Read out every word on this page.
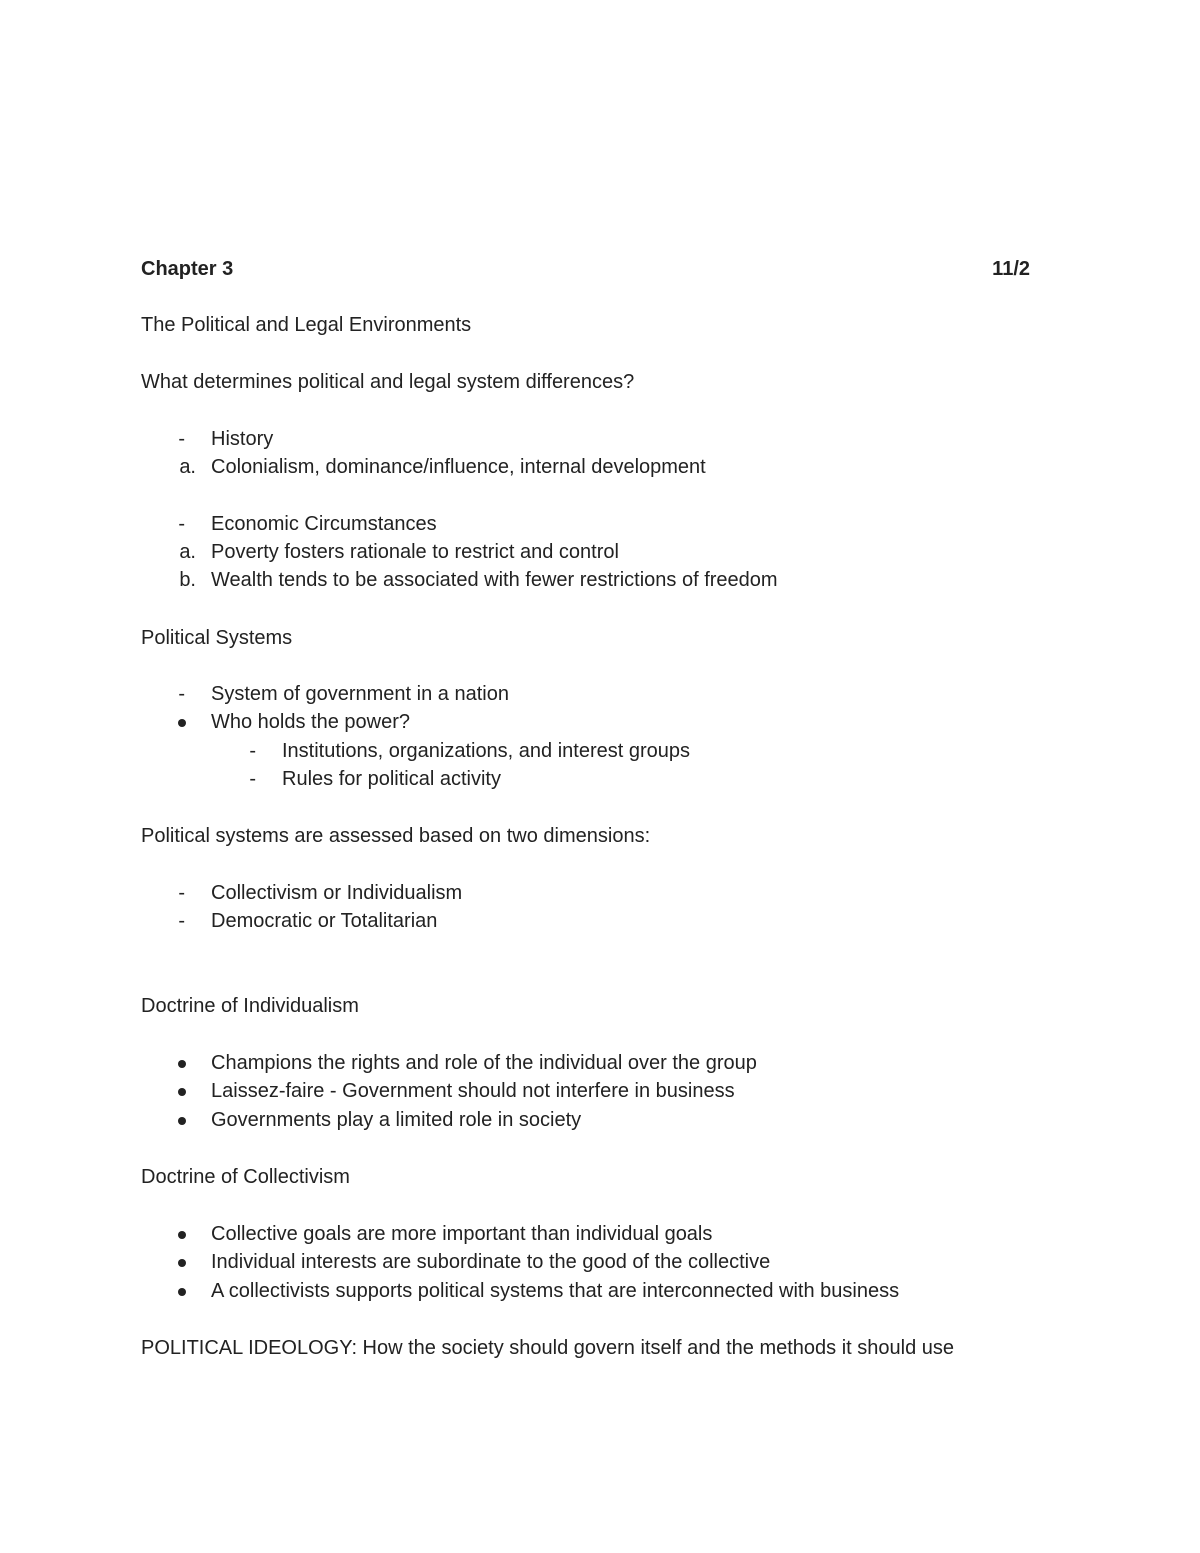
Chapter 3	11/2
The Political and Legal Environments
What determines political and legal system differences?
- History
a. Colonialism, dominance/influence, internal development
- Economic Circumstances
a. Poverty fosters rationale to restrict and control
b. Wealth tends to be associated with fewer restrictions of freedom
Political Systems
- System of government in a nation
Who holds the power?
- Institutions, organizations, and interest groups
- Rules for political activity
Political systems are assessed based on two dimensions:
- Collectivism or Individualism
- Democratic or Totalitarian
Doctrine of Individualism
Champions the rights and role of the individual over the group
Laissez-faire - Government should not interfere in business
Governments play a limited role in society
Doctrine of Collectivism
Collective goals are more important than individual goals
Individual interests are subordinate to the good of the collective
A collectivists supports political systems that are interconnected with business
POLITICAL IDEOLOGY: How the society should govern itself and the methods it should use
